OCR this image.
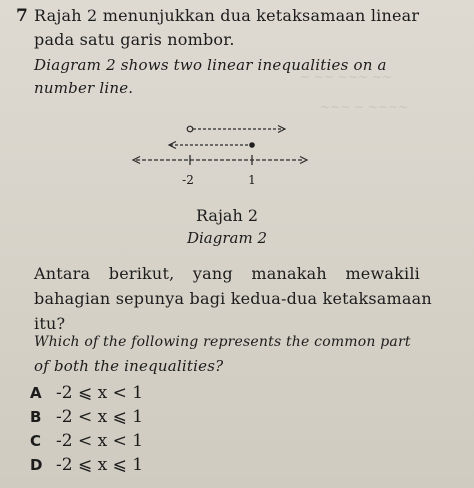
~ ~~ ~~~ ~~
~~~ ~ ~~~~
7 Rajah 2 menunjukkan dua ketaksamaan linear
pada satu garis nombor.
Diagram 2 shows two linear inequalities on a
number line.
-2	1
Rajah 2
Diagram 2
Antara berikut, yang manakah mewakili
bahagian sepunya bagi kedua-dua ketaksamaan
itu?
Which of the following represents the common part
of both the inequalities?
A -2 ⩽ x < 1
B -2 < x ⩽ 1
C -2 < x < 1
D -2 ⩽ x ⩽ 1
